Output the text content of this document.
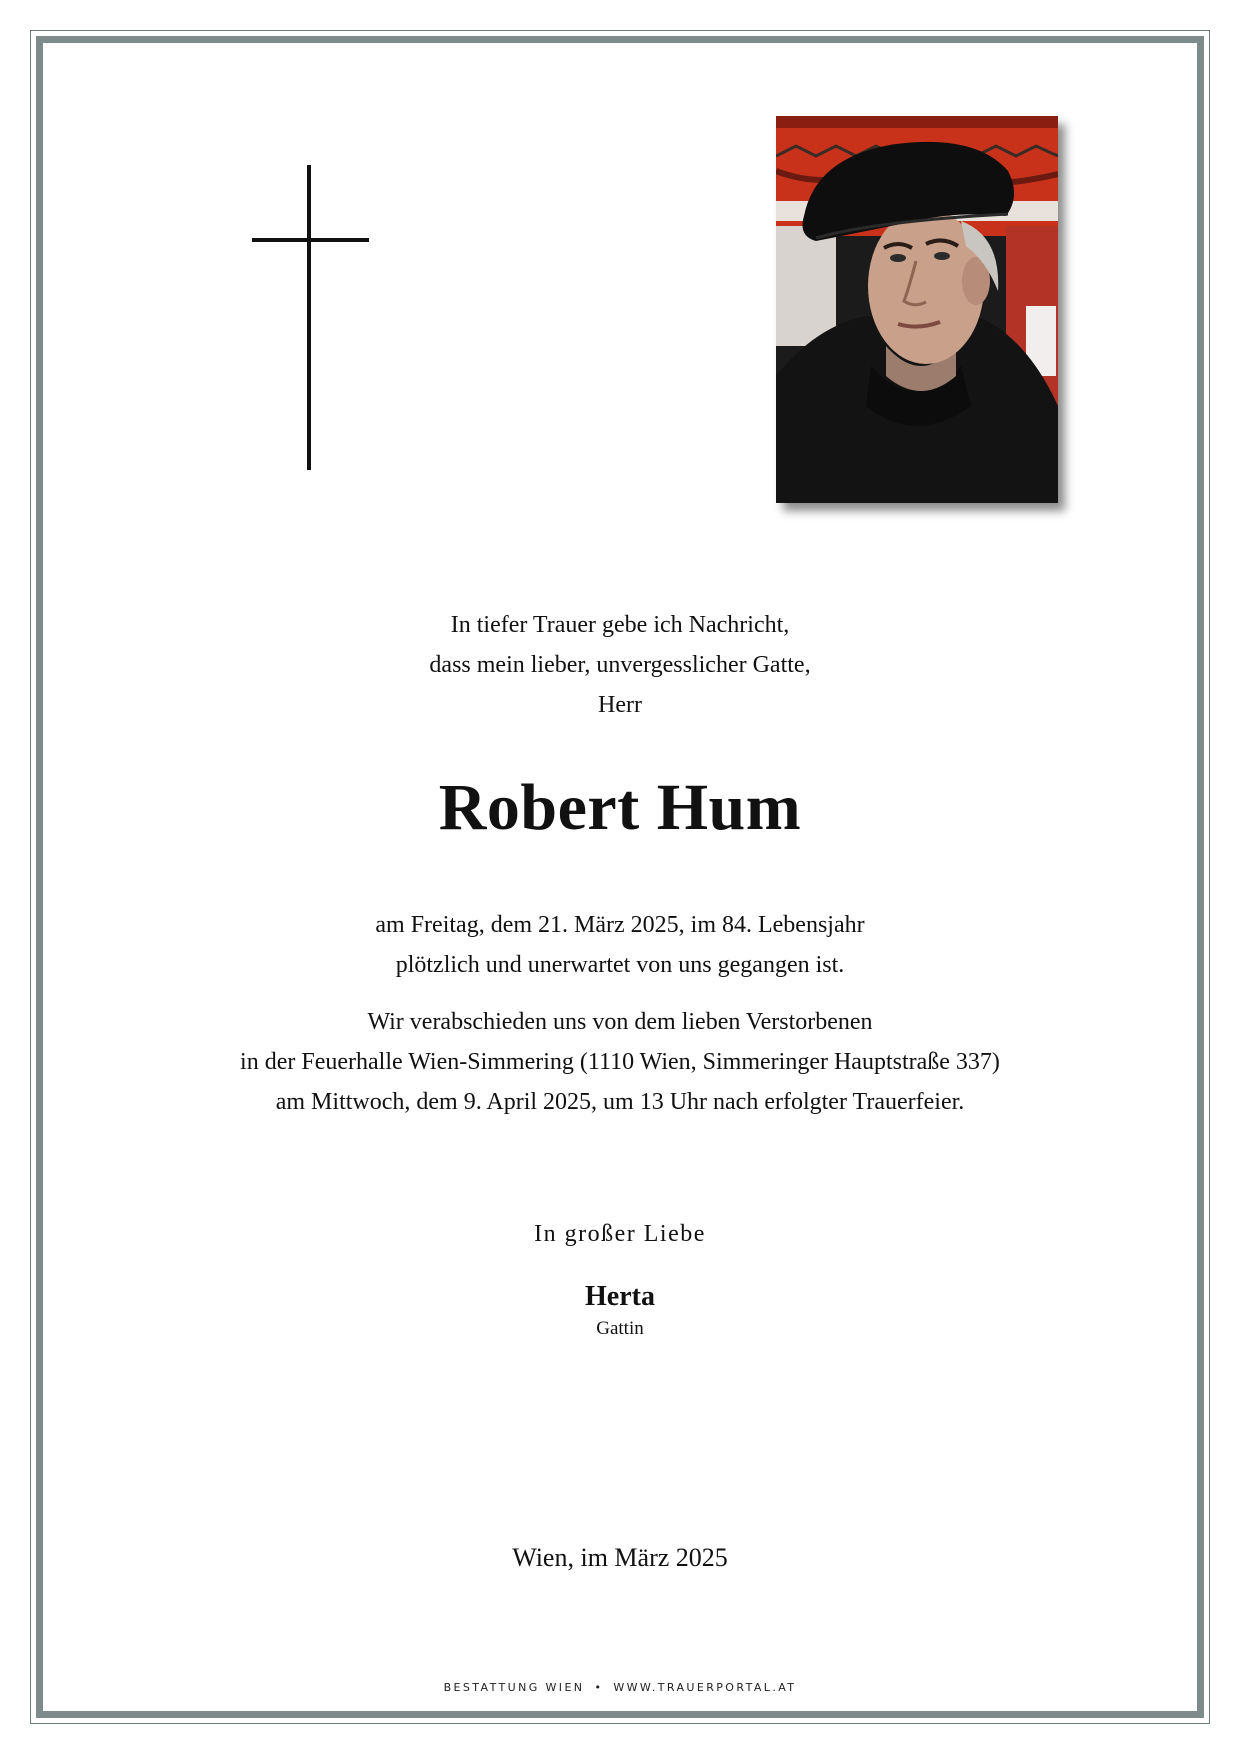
In tiefer Trauer gebe ich Nachricht,
dass mein lieber, unvergesslicher Gatte,
Herr
Robert Hum
am Freitag, dem 21. März 2025, im 84. Lebensjahr
plötzlich und unerwartet von uns gegangen ist.
Wir verabschieden uns von dem lieben Verstorbenen
in der Feuerhalle Wien-Simmering (1110 Wien, Simmeringer Hauptstraße 337)
am Mittwoch, dem 9. April 2025, um 13 Uhr nach erfolgter Trauerfeier.
In großer Liebe
Herta
Gattin
Wien, im März 2025
BESTATTUNG WIEN • WWW.TRAUERPORTAL.AT
